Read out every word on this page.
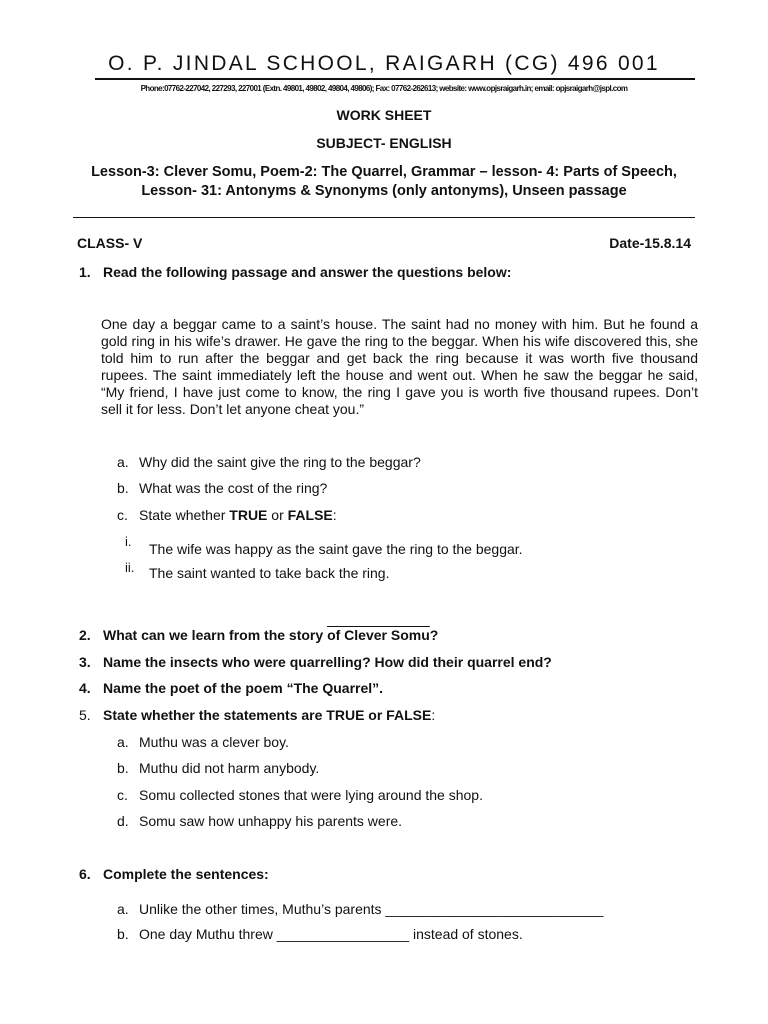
O. P. JINDAL SCHOOL, RAIGARH (CG) 496 001
Phone:07762-227042, 227293, 227001 (Extn. 49801, 49802, 49804, 49806); Fax: 07762-262613; website: www.opjsraigarh.in; email: opjsraigarh@jspl.com
WORK SHEET
SUBJECT- ENGLISH
Lesson-3: Clever Somu, Poem-2: The Quarrel, Grammar – lesson- 4: Parts of Speech, Lesson- 31: Antonyms & Synonyms (only antonyms), Unseen passage
CLASS- V	Date-15.8.14
1. Read the following passage and answer the questions below:
One day a beggar came to a saint’s house. The saint had no money with him. But he found a gold ring in his wife’s drawer. He gave the ring to the beggar. When his wife discovered this, she told him to run after the beggar and get back the ring because it was worth five thousand rupees. The saint immediately left the house and went out. When he saw the beggar he said, “My friend, I have just come to know, the ring I gave you is worth five thousand rupees. Don’t sell it for less. Don’t let anyone cheat you.”
a. Why did the saint give the ring to the beggar?
b. What was the cost of the ring?
c. State whether TRUE or FALSE:
i. The wife was happy as the saint gave the ring to the beggar.
ii. The saint wanted to take back the ring.
2. What can we learn from the story of Clever Somu?
3. Name the insects who were quarrelling? How did their quarrel end?
4. Name the poet of the poem “The Quarrel”.
5. State whether the statements are TRUE or FALSE:
a. Muthu was a clever boy.
b. Muthu did not harm anybody.
c. Somu collected stones that were lying around the shop.
d. Somu saw how unhappy his parents were.
6. Complete the sentences:
a. Unlike the other times, Muthu’s parents ____________________________
b. One day Muthu threw _________________ instead of stones.
